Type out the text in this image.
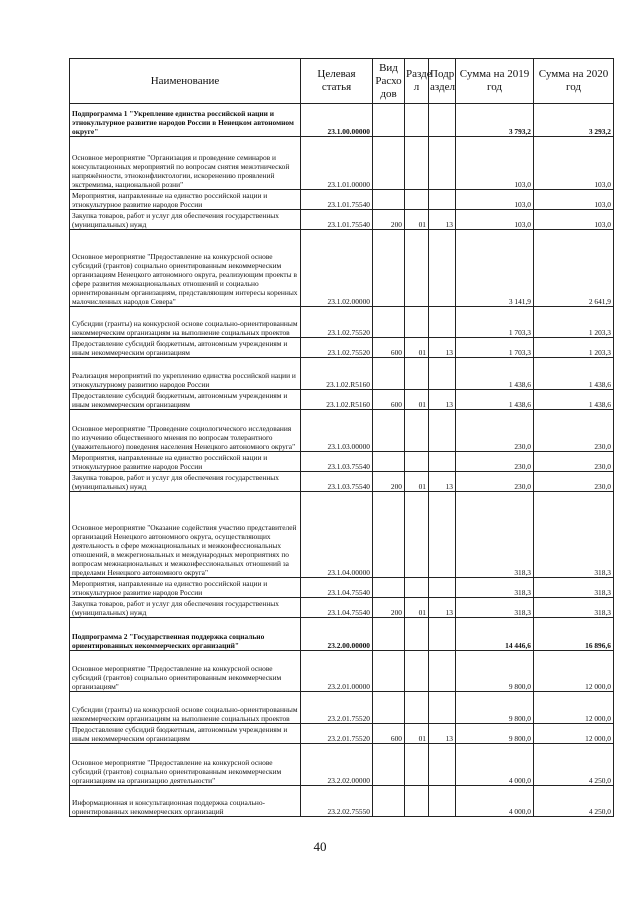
Наименование	Целевая статья	Вид Расхо дов	Разде л	Подр аздел	Сумма на 2019 год	Сумма на 2020 год
Подпрограмма 1 "Укрепление единства российской нации и этнокультурное развитие народов России в Ненецком автономном округе"	23.1.00.00000				3 793,2	3 293,2
Основное мероприятие "Организация и проведение семинаров и консультационных мероприятий по вопросам снятия межэтнической напряжённости, этноконфликтологии, искоренению проявлений экстремизма, национальной розни"	23.1.01.00000				103,0	103,0
Мероприятия, направленные на единство российской нации и этнокультурное развитие народов России	23.1.01.75540				103,0	103,0
Закупка товаров, работ и услуг для обеспечения государственных (муниципальных) нужд	23.1.01.75540	200	01	13	103,0	103,0
Основное мероприятие "Предоставление на конкурсной основе субсидий (грантов) социально ориентированным некоммерческим организациям Ненецкого автономного округа, реализующим проекты в сфере развития межнациональных отношений и социально ориентированным организациям, представляющим интересы коренных малочисленных народов Севера"	23.1.02.00000				3 141,9	2 641,9
Субсидии (гранты) на конкурсной основе социально-ориентированным некоммерческим организациям на выполнение социальных проектов	23.1.02.75520				1 703,3	1 203,3
Предоставление субсидий бюджетным, автономным учреждениям и иным некоммерческим организациям	23.1.02.75520	600	01	13	1 703,3	1 203,3
Реализация мероприятий по укреплению единства российской нации и этнокультурному развитию народов России	23.1.02.R5160				1 438,6	1 438,6
Предоставление субсидий бюджетным, автономным учреждениям и иным некоммерческим организациям	23.1.02.R5160	600	01	13	1 438,6	1 438,6
Основное мероприятие "Проведение социологического исследования по изучению общественного мнения по вопросам толерантного (уважительного) поведения населения Ненецкого автономного округа"	23.1.03.00000				230,0	230,0
Мероприятия, направленные на единство российской нации и этнокультурное развитие народов России	23.1.03.75540				230,0	230,0
Закупка товаров, работ и услуг для обеспечения государственных (муниципальных) нужд	23.1.03.75540	200	01	13	230,0	230,0
Основное мероприятие "Оказание содействия участию представителей организаций Ненецкого автономного округа, осуществляющих деятельность в сфере межнациональных и межконфессиональных отношений, в межрегиональных и международных мероприятиях по вопросам межнациональных и межконфессиональных отношений за пределами Ненецкого автономного округа"	23.1.04.00000				318,3	318,3
Мероприятия, направленные на единство российской нации и этнокультурное развитие народов России	23.1.04.75540				318,3	318,3
Закупка товаров, работ и услуг для обеспечения государственных (муниципальных) нужд	23.1.04.75540	200	01	13	318,3	318,3
Подпрограмма 2 "Государственная поддержка социально ориентированных некоммерческих организаций"	23.2.00.00000				14 446,6	16 896,6
Основное мероприятие "Предоставление на конкурсной основе субсидий (грантов) социально ориентированным некоммерческим организациям"	23.2.01.00000				9 800,0	12 000,0
Субсидии (гранты) на конкурсной основе социально-ориентированным некоммерческим организациям на выполнение социальных проектов	23.2.01.75520				9 800,0	12 000,0
Предоставление субсидий бюджетным, автономным учреждениям и иным некоммерческим организациям	23.2.01.75520	600	01	13	9 800,0	12 000,0
Основное мероприятие "Предоставление на конкурсной основе субсидий (грантов) социально ориентированным некоммерческим организациям на организацию деятельности"	23.2.02.00000				4 000,0	4 250,0
Информационная и консультационная поддержка социально-ориентированных некоммерческих организаций	23.2.02.75550				4 000,0	4 250,0
40
